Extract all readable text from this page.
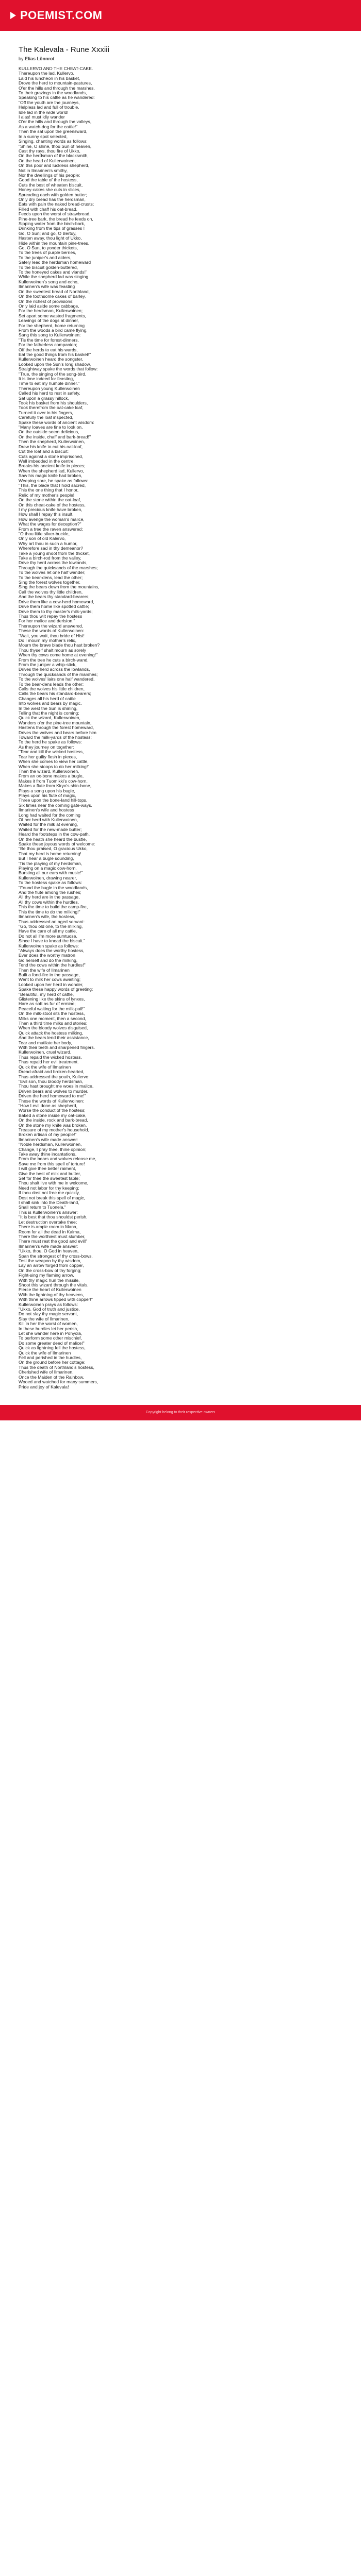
POEMIST.COM
The Kalevala - Rune Xxxiii
by Elias Lönnrot
KULLERVO AND THE CHEAT-CAKE.
Thereupon the lad, Kullervo,
Laid his luncheon in his basket,
Drove the herd to mountain-pastures,
O'er the hills and through the marshes,
To their grazings in the woodlands,
Speaking to his cattle as he wandered:
"Off the youth are the journeys,
Helpless lad and full of trouble,
Idle lad in the wide world!
I alas! must idly wander
O'er the hills and through the valleys,
As a watch-dog for the cattle!"
Then the sat upon the greensward,
In a sunny spot selected,
Singing, chanting words as follows:
"Shine, O shine, thou Sun of heaven,
Cast thy rays, thou fire of Ukko,
On the herdsman of the blacksmith,
On the head of Kullerwoinen,
On this poor and luckless shepherd,
Not in Ilmarinen's smithy,
Nor the dwellings of his people;
Good the table of the hostess,
Cuts the best of wheaten biscuit,
Honey-cakes she cuts in slices,
Spreading each with golden butter;
Only dry bread has the herdsman,
Eats with pain the naked bread-crusts;
Filled with chaff his oat-bread,
Feeds upon the worst of strawbread,
Pine-tree bark, the bread he feeds on,
Sipping water from the birch-bark,
Drinking from the tips of grasses !
Go, O Sun; and go, O Bertuy,
Hasten away, thou light of Ukko,
Hide within the mountain pine-trees,
Go, O Sun, to yonder thickets,
To the trees of purple berries,
To the juniper's and alders,
Safely lead the herdsman homeward
To the biscuit golden-buttered,
To the honeyed cakes and viands!"
While the shepherd lad was singing
Kullerwoinen's song and echo,
Ilmarinen's wife was feasting
On the sweetest bread of Northland,
On the toothsome cakes of barley,
On the richest of provisions;
Only laid aside some cabbage,
For the herdsman, Kullerwoinen;
Set apart some wasted fragments,
Leavings of the dogs at dinner,
For the shepherd, home returning
From the woods a bird came flying,
Sang this song to Kullerwoinen:
"Tis the time for forest-dinners,
For the fatherless companion;
Off the herds to eat his wards,
Eat the good things from his basket!"
Kullerwoinen heard the songster,
Looked upon the Sun's long shadow,
Straightway spake the words that follow:
"True, the singing of the song-bird,
It is time indeed for feasting,
Time to eat my humble dinner."
Thereupon young Kullerwoinen
Called his herd to rest in safety,
Sat upon a grassy hillock,
Took his basket from his shoulders,
Took therefrom the oat-cake loaf,
Turned it over in his fingers,
Carefully the loaf inspected,
Spake these words of ancient wisdom:
"Many loaves are fine to look on,
On the outside seem delicious,
On the inside, chaff and bark-bread!"
Then the shepherd, Kullerwoinen,
Drew his knife to cut his oat-loaf,
Cut the loaf and a biscuit:
Cuts against a stone imprisoned,
Well imbedded in the centre,
Breaks his ancient knife in pieces;
When the shepherd lad, Kullervo,
Saw his magic knife had broken,
Weeping sore, he spake as follows:
"This, the blade that I hold sacred,
This the one thing that I honor,
Relic of my mother's people!
On the stone within the oat-loaf,
On this cheat-cake of the hostess,
I my precious knife have broken,
How shall I repay this insult,
How avenge the woman's malice,
What the wages for deception?"
From a tree the raven answered:
"O thou little silver-buckle,
Only son of old Kalervo,
Why art thou in such a humor,
Wherefore sad in thy demeanor?
Take a young shoot from the thicket,
Take a birch-rod from the valley,
Drive thy herd across the lowlands,
Through the quicksands of the marshes;
To the wolves let one half wander;
To the bear-dens, lead the other;
Sing the forest wolves together,
Sing the bears down from the mountains,
Call the wolves thy little children,
And the bears thy standard-bearers;
Drive them like a cow-herd homeward,
Drive them home like spotted cattle;
Drive them to thy master's milk-yards;
Thus thou wilt repay the hostess
For her malice and derision."
Thereupon the wizard answered,
These the words of Kullerwoinen:
"Wait, you wait, thou bride of Hisi!
Do I mourn my mother's relic,
Mourn the brave blade thou hast broken?
Thou thyself shalt mourn as sorely
When thy cows come home at evening!"
From the tree he cuts a birch-wand,
From the juniper a whip-stick,
Drives the herd across the lowlands,
Through the quicksands of the marshes;
To the wolves' lairs one half wandered,
To the bear-dens leads the other;
Calls the wolves his little children,
Calls the bears his standard-bearers;
Changes all his herd of cattle
Into wolves and bears by magic.
In the west the Sun is shining,
Telling that the night is coming;
Quick the wizard, Kullerwoinen,
Wanders o'er the pine-tree mountain,
Hastens through the forest homeward,
Drives the wolves and bears before him
Toward the milk-yards of the hostess;
To the herd he spake as follows:
As they journey on together:
"Tear and kill the wicked hostess,
Tear her guilty flesh in pieces,
When she comes to view her cattle,
When she stoops to do her milking!"
Then the wizard, Kullerwoinen,
From an ox-bone makes a bugle,
Makes it from Tuomikki's cow-horn,
Makes a flute from Kiryo's shin-bone,
Plays a song upon his bugle,
Plays upon his flute of magic,
Three upon the bone-land hill-tops,
Six times near the coming gate-ways.
Ilmarinen's wife and hostess
Long had waited for the coming
Of her herd with Kullerwoinen,
Waited for the milk at evening,
Waited for the new-made butter;
Heard the footsteps in the cow-path,
On the heath she heard the bustle,
Spake these joyous words of welcome:
"Be thou praised, O gracious Ukko,
That my herd is home returning!
But I hear a bugle sounding,
'Tis the playing of my herdsman,
Playing on a magic cow-horn,
Bursting all our ears with music!"
Kullerwoinen, drawing nearer,
To the hostess spake as follows:
"Found the bugle in the woodlands,
And the flute among the rushes;
All thy herd are in the passage,
All thy cows within the hurdles,
This the time to build the camp-fire,
This the time to do the milking!"
Ilmarinen's wife, the hostess,
Thus addressed an aged servant:
"Go, thou old one, to the milking,
Have the care of all my cattle,
Do not all I'm more sumtuose,
Since I have to knead the biscuit."
Kullerwoinen spake as follows:
"Always does the worthy hostess,
Ever does the worthy matron
Go herself and do the milking,
Tend the cows within the hurdles!"
Then the wife of Ilmarinen
Built a fond-fire in the passage,
Went to milk her cows awaiting;
Looked upon her herd in wonder,
Spake these happy words of greeting:
"Beautiful, my herd of cattle,
Glistening like the skins of lynxes,
Hare as soft as fur of ermine;
Peaceful waiting for the milk-pail!"
On the milk-stool sits the hostess,
Milks one moment, then a second,
Then a third time milks and stories;
When the bloody wolves disguised,
Quick attack the hostess milking,
And the bears lend their assistance,
Tear and mutilate her body,
With their teeth and sharpened fingers.
Kullerwoinen, cruel wizard,
Thus repaid the wicked hostess,
Thus repaid her evil treatment.
Quick the wife of Ilmarinen
Dread-afraid and broken-hearted,
Thus addressed the youth, Kullervo:
"Evil son, thou bloody herdsman,
Thou hast brought me woes in malice,
Driven bears and wolves to murder,
Driven the herd homeward to me!"
These the words of Kullerwoinen:
"How I evil done as shepherd,
Worse the conduct of the hostess;
Baked a stone inside my oat-cake,
On the inside, rock and bark-bread,
On the stone my knife was broken,
Treasure of my mother's household,
Broken artisan of my people!"
Ilmarinen's wife made answer:
"Noble herdsman, Kullerwoinen,
Change, I pray thee, thine opinion;
Take away thine incantations,
From the bears and wolves release me,
Save me from this spell of torture!
I will give thee better raiment,
Give the best of milk and butter,
Set for thee the sweetest table;
Thou shalt live with me in welcome,
Need not labor for thy keeping;
If thou dost not free me quickly,
Dost not break this spell of magic,
I shall sink into the Death-land,
Shall return to Tuonela."
This is Kullerwoinen's answer:
"It is best that thou shouldst perish,
Let destruction overtake thee;
There is ample room in Mana,
Room for all the dead in Kalma,
There the worthiest must slumber,
There must rest the good and evil!"
Ilmarinen's wife made answer:
"Ukko, thou, O God in heaven,
Span the strongest of thy cross-bows,
Test the weapon by thy wisdom,
Lay an arrow forged from copper,
On the cross-bow of thy forging;
Fight-sing my flaming arrow,
With thy magic hurl the missile,
Shoot this wizard through the vitals,
Pierce the heart of Kullerwoinen
With the lightning of thy heavens,
With thine arrows tipped with copper!"
Kullerwoinen prays as follows:
"Ukko, God of truth and justice,
Do not slay thy magic servant,
Slay the wife of Ilmarinen,
Kill in her the worst of women,
In these hurdles let her perish,
Let she wander here in Pohyola,
To perform some other mischief,
Do some greater deed of malice!"
Quick as lightning fell the hostess,
Quick the wife of Ilmarinen
Fell and perished in the hurdles,
On the ground before her cottage;
Thus the death of Northland's hostess,
Cherished wife of Ilmarinen,
Once the Maiden of the Rainbow,
Wooed and watched for many summers,
Pride and joy of Kalevala!
Copyright belong to their respective owners
